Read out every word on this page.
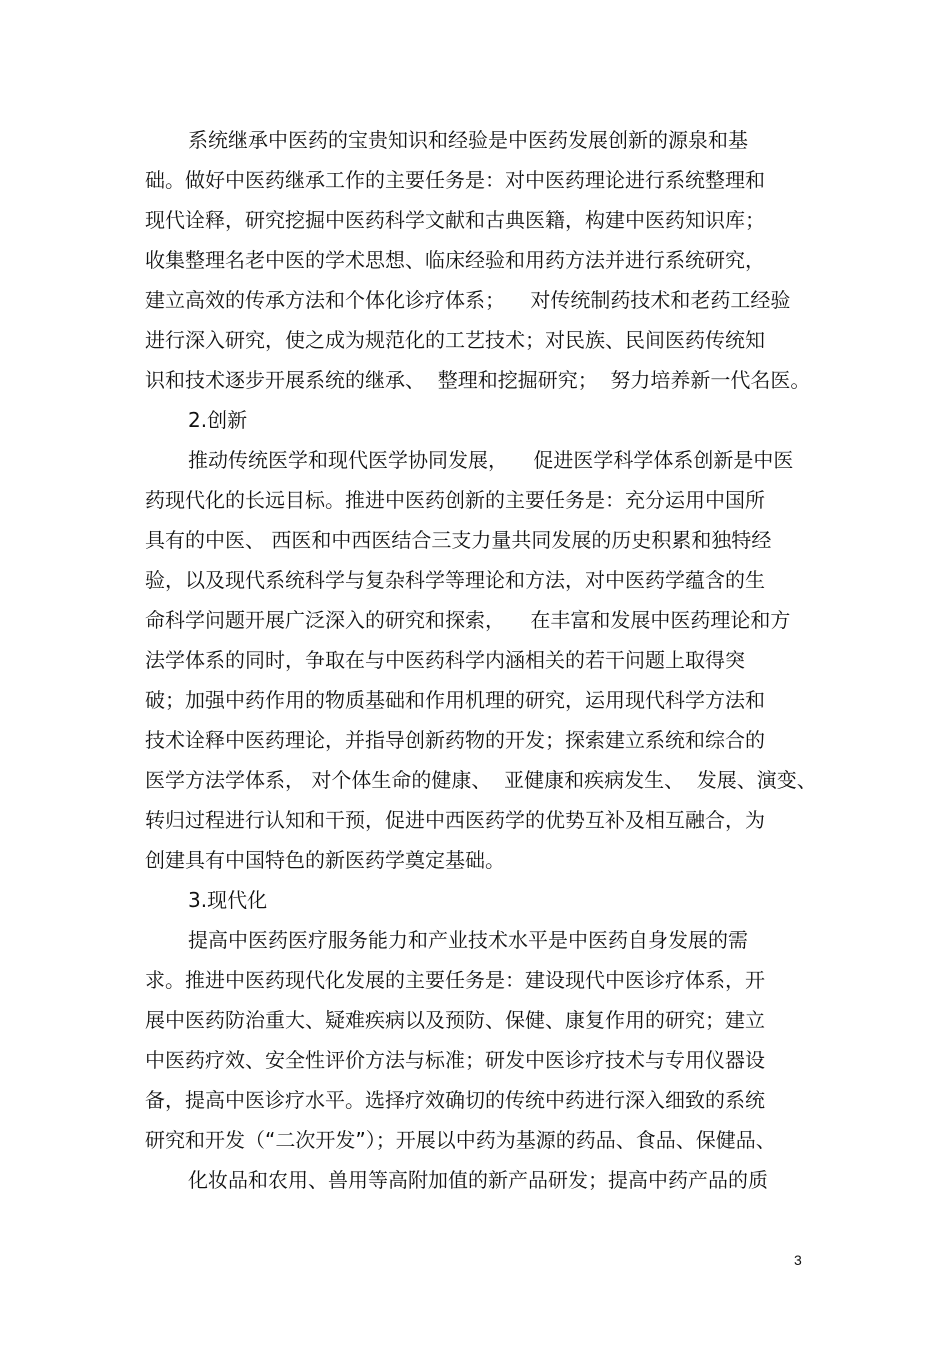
系统继承中医药的宝贵知识和经验是中医药发展创新的源泉和基

础。做好中医药继承工作的主要任务是：对中医药理论进行系统整理和

现代诠释，研究挖掘中医药科学文献和古典医籍，构建中医药知识库；

收集整理名老中医的学术思想、临床经验和用药方法并进行系统研究，

建立高效的传承方法和个体化诊疗体系；    对传统制药技术和老药工经验

进行深入研究，使之成为规范化的工艺技术；对民族、民间医药传统知

识和技术逐步开展系统的继承、  整理和挖掘研究；  努力培养新一代名医。

2.创新

推动传统医学和现代医学协同发展，    促进医学科学体系创新是中医

药现代化的长远目标。推进中医药创新的主要任务是：充分运用中国所

具有的中医、 西医和中西医结合三支力量共同发展的历史积累和独特经

验，以及现代系统科学与复杂科学等理论和方法，对中医药学蕴含的生

命科学问题开展广泛深入的研究和探索，    在丰富和发展中医药理论和方

法学体系的同时，争取在与中医药科学内涵相关的若干问题上取得突

破；加强中药作用的物质基础和作用机理的研究，运用现代科学方法和

技术诠释中医药理论，并指导创新药物的开发；探索建立系统和综合的

医学方法学体系， 对个体生命的健康、  亚健康和疾病发生、  发展、演变、

转归过程进行认知和干预，促进中西医药学的优势互补及相互融合，为

创建具有中国特色的新医药学奠定基础。

3.现代化

提高中医药医疗服务能力和产业技术水平是中医药自身发展的需

求。推进中医药现代化发展的主要任务是：建设现代中医诊疗体系，开

展中医药防治重大、疑难疾病以及预防、保健、康复作用的研究；建立

中医药疗效、安全性评价方法与标准；研发中医诊疗技术与专用仪器设

备，提高中医诊疗水平。选择疗效确切的传统中药进行深入细致的系统

研究和开发（“二次开发”）；开展以中药为基源的药品、食品、保健品、

化妆品和农用、兽用等高附加值的新产品研发；提高中药产品的质

3
